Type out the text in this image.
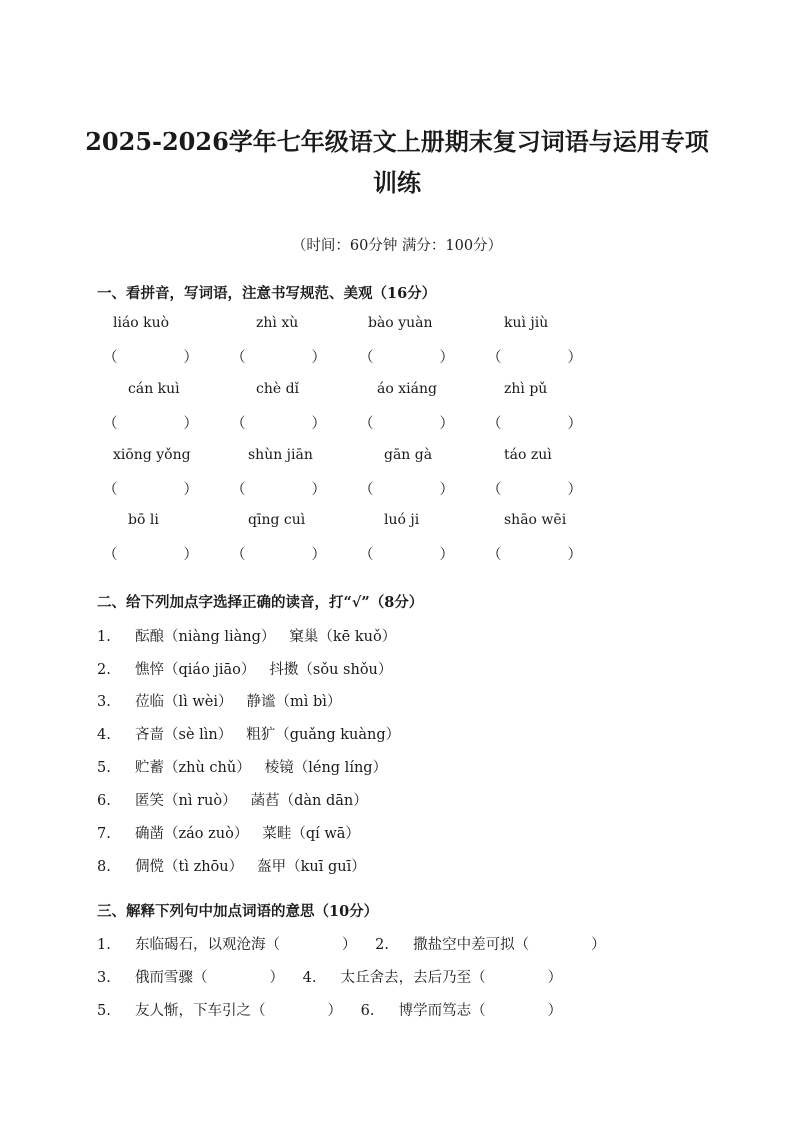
2025-2026学年七年级语文上册期末复习词语与运用专项
训练
（时间：60分钟 满分：100分）
一、看拼音，写词语，注意书写规范、美观（16分）
liáo kuò	zhì xù	bào yuàn	kuì jiù
（	） （	） （	） （	）
cán kuì	chè dǐ	áo xiáng	zhì pǔ
（	） （	） （	） （	）
xiōng yǒng	shùn jiān	gān gà	táo zuì
（	） （	） （	） （	）
bō li	qīng cuì	luó ji	shāo wēi
（	） （	） （	） （	）
二、给下列加点字选择正确的读音，打“√”（8分）
1. 酝酿（niàng liàng） 窠巢（kē kuǒ）
2. 憔悴（qiáo jiāo） 抖擞（sǒu shǒu）
3. 莅临（lì wèi） 静谧（mì bì）
4. 吝啬（sè lìn） 粗犷（guǎng kuàng）
5. 贮蓄（zhù chǔ） 棱镜（léng líng）
6. 匿笑（nì ruò） 菡萏（dàn dān）
7. 确凿（záo zuò） 菜畦（qí wā）
8. 倜傥（tì zhōu） 盔甲（kuī guī）
三、解释下列句中加点词语的意思（10分）
1. 东临碣石，以观沧海（	） 2. 撒盐空中差可拟（	）
3. 俄而雪骤（	） 4. 太丘舍去，去后乃至（	）
5. 友人惭，下车引之（	） 6. 博学而笃志（	）
